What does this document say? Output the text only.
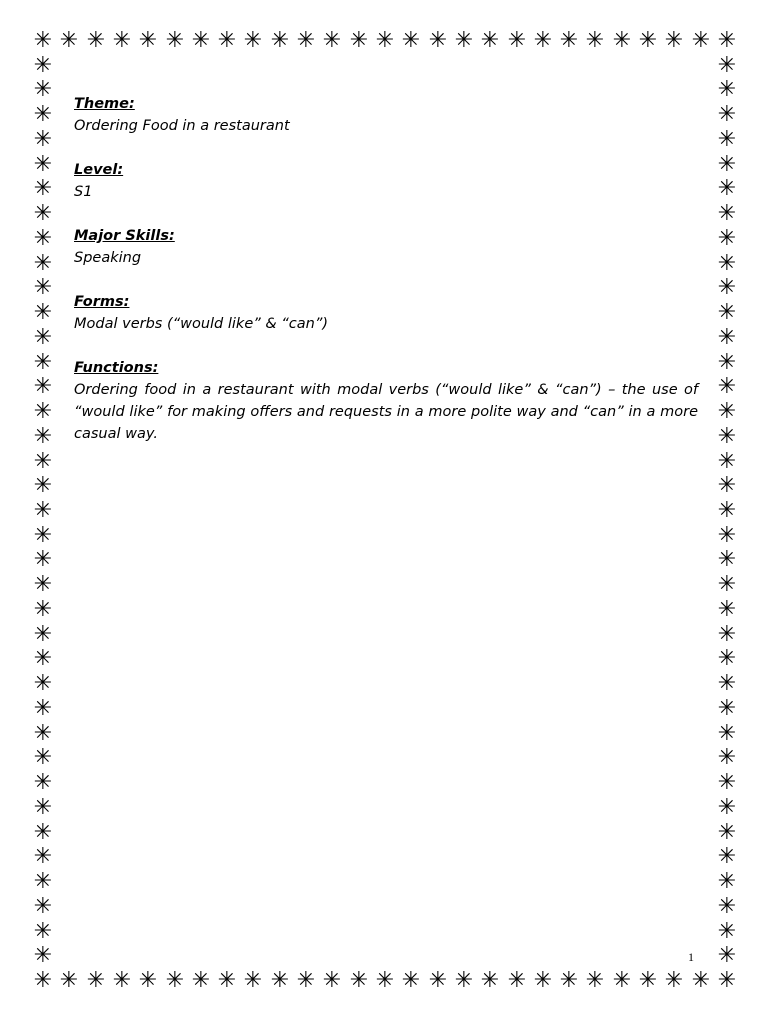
✳
✳
✳
✳
✳
✳
✳
✳
✳
✳
✳
✳
✳
✳
✳
✳
✳
✳
✳
✳
✳
✳
✳
✳
✳
✳
✳
✳
✳
✳
✳
✳
✳
✳
✳
✳
✳
✳
✳
✳
✳
✳
✳
✳
✳
✳
✳
✳
✳
✳
✳
✳
✳
✳
✳	✳
✳	✳
✳	✳
✳	✳
✳	✳
✳	✳
✳	✳
✳	✳
✳	✳
✳	✳
✳	✳
✳	✳
✳	✳
✳	✳
✳	✳
✳	✳
✳	✳
✳	✳
✳	✳
✳	✳
✳	✳
✳	✳
✳	✳
✳	✳
✳	✳
✳	✳
✳	✳
✳	✳
✳	✳
✳	✳
✳	✳
✳	✳
✳	✳
✳	✳
✳	✳
✳	✳
✳	✳
Theme:
Ordering Food in a restaurant
Level:
S1
Major Skills:
Speaking
Forms:
Modal verbs (“would like” & “can”)
Functions:
Ordering food in a restaurant with modal verbs (“would like” & “can”) – the use of “would like” for making offers and requests in a more polite way and “can” in a more casual way.
1
